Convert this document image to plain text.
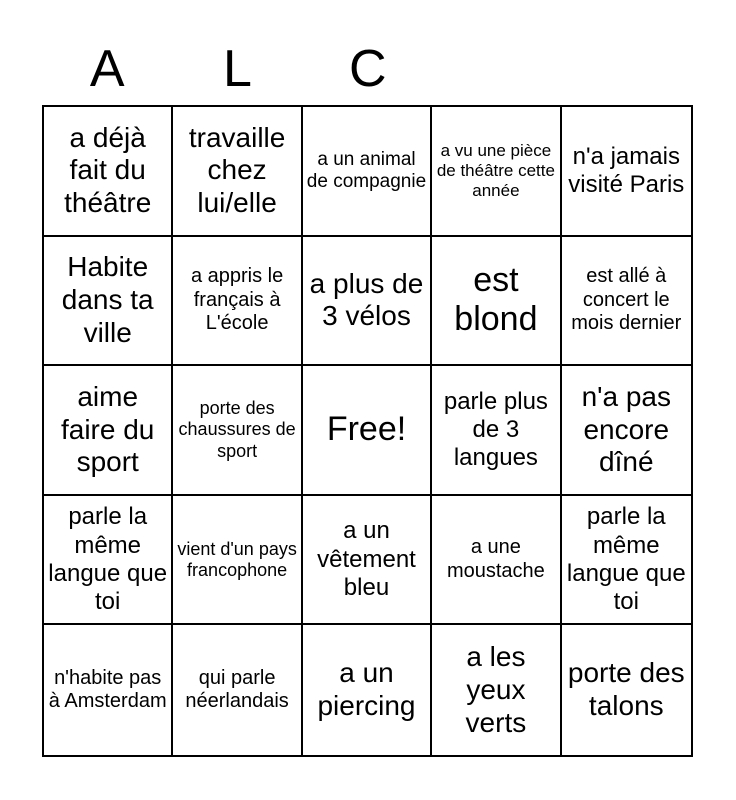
A	L	C
a déjà fait du théâtre
travaille chez lui/elle
a un animal de compagnie
a vu une pièce de théâtre cette année
n'a jamais visité Paris
Habite dans ta ville
a appris le français à L'école
a plus de 3 vélos
est blond
est allé à concert le mois dernier
aime faire du sport
porte des chaussures de sport
Free!
parle plus de 3 langues
n'a pas encore dîné
parle la même langue que toi
vient d'un pays francophone
a un vêtement bleu
a une moustache
parle la même langue que toi
n'habite pas à Amsterdam
qui parle néerlandais
a un piercing
a les yeux verts
porte des talons
